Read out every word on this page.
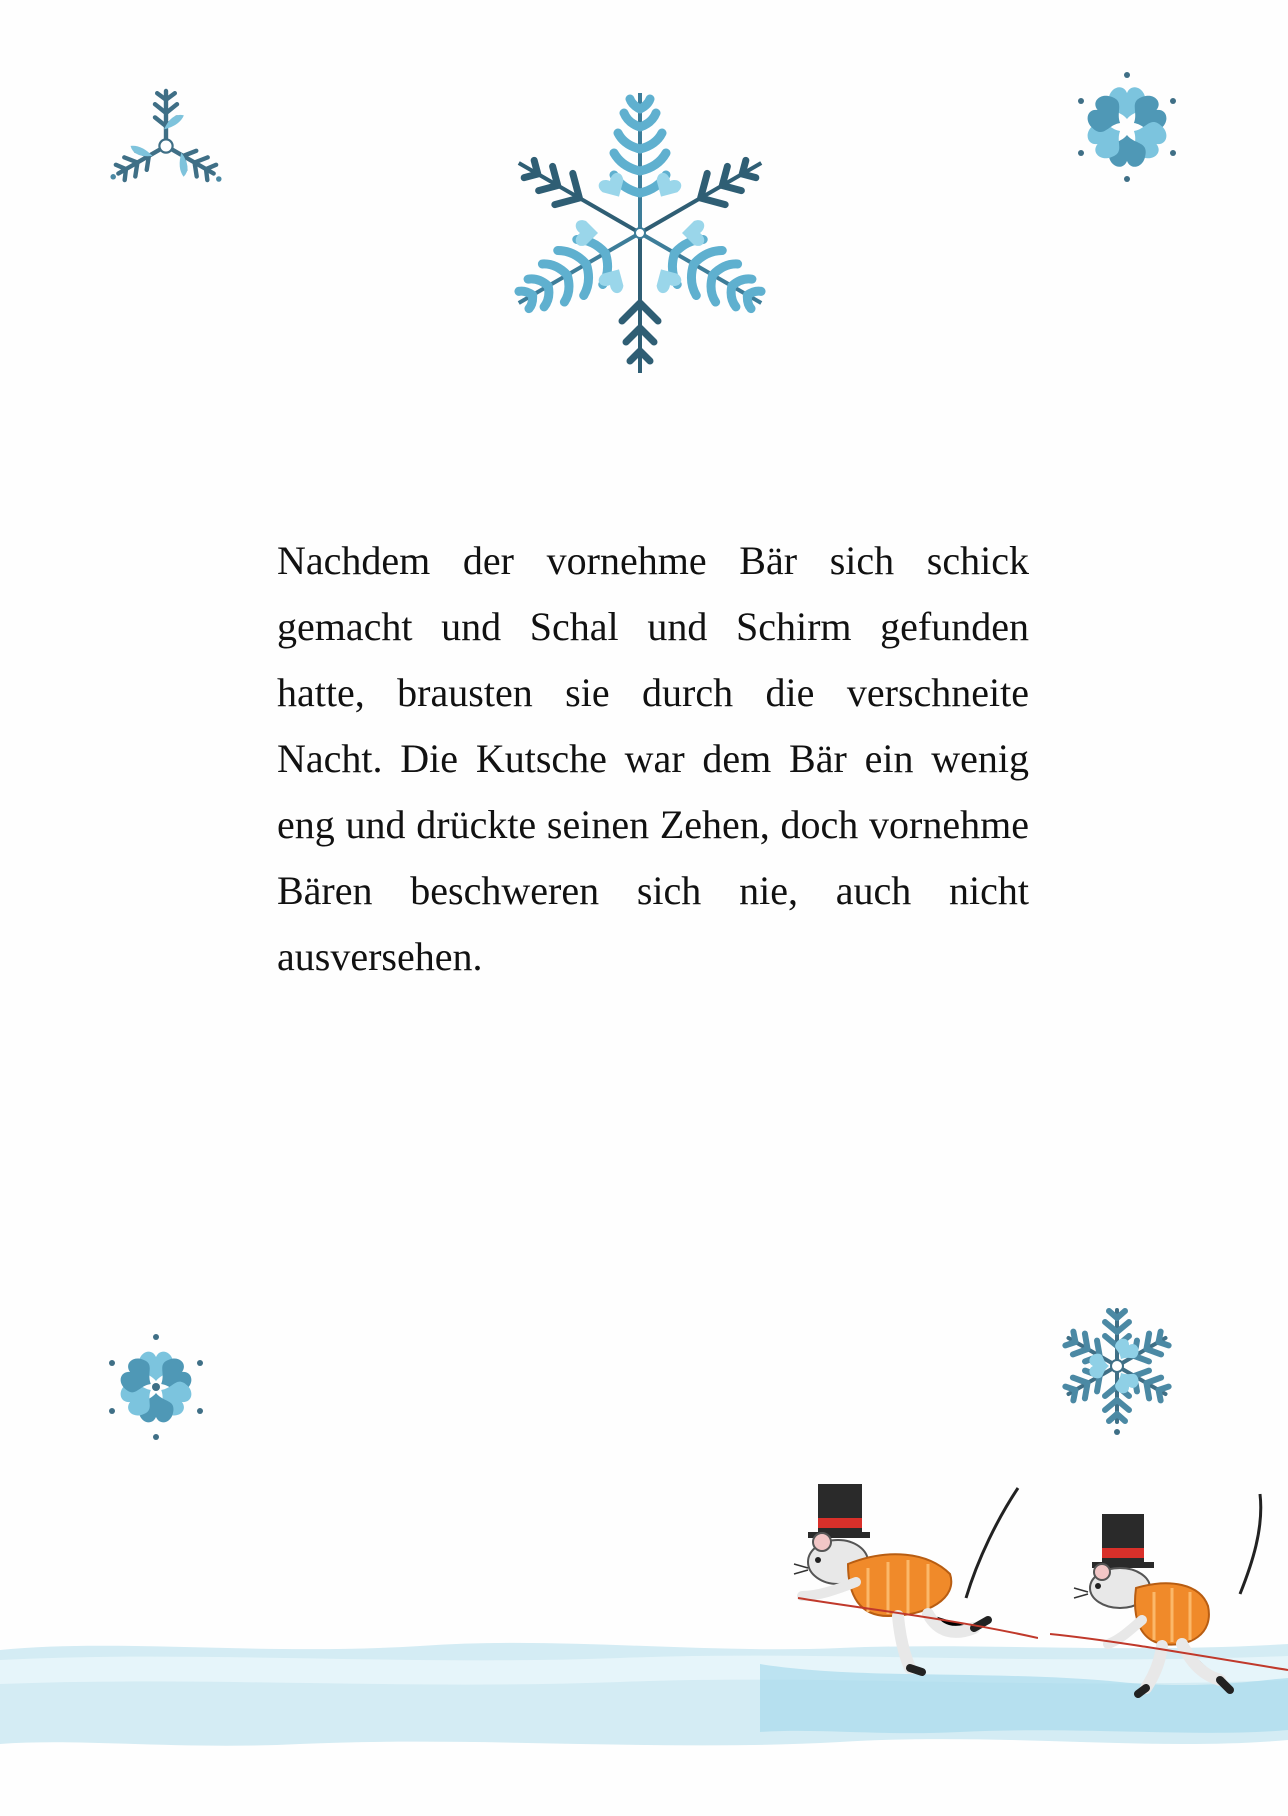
Nachdem der vornehme Bär sich schick gemacht und Schal und Schirm gefunden hatte, brausten sie durch die verschneite Nacht. Die Kutsche war dem Bär ein wenig eng und drückte seinen Zehen, doch vornehme Bären beschweren sich nie, auch nicht ausversehen.
